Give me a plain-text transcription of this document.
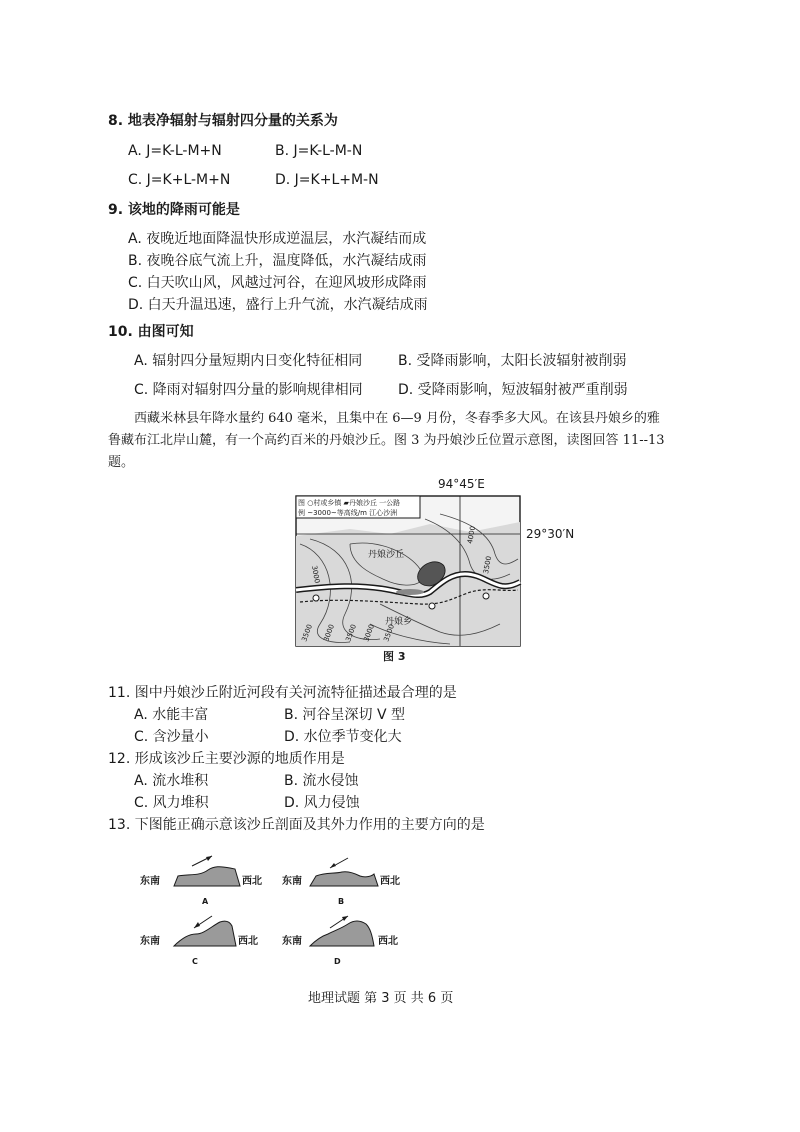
8. 地表净辐射与辐射四分量的关系为
A. J=K-L-M+N	B. J=K-L-M-N
C. J=K+L-M+N	D. J=K+L+M-N
9. 该地的降雨可能是
A. 夜晚近地面降温快形成逆温层，水汽凝结而成
B. 夜晚谷底气流上升，温度降低，水汽凝结成雨
C. 白天吹山风，风越过河谷，在迎风坡形成降雨
D. 白天升温迅速，盛行上升气流，水汽凝结成雨
10. 由图可知
A. 辐射四分量短期内日变化特征相同	B. 受降雨影响，太阳长波辐射被削弱
C. 降雨对辐射四分量的影响规律相同	D. 受降雨影响，短波辐射被严重削弱
西藏米林县年降水量约 640 毫米，且集中在 6—9 月份，冬春季多大风。在该县丹娘乡的雅
鲁藏布江北岸山麓，有一个高约百米的丹娘沙丘。图 3 为丹娘沙丘位置示意图，读图回答 11--13
题。
94°45′E
图 ○村或乡镇 ▰丹娘沙丘 一公路
例 ~3000~等高线/m 江心沙洲
丹娘沙丘
丹娘乡
4000
3500
3000
3500 3000 3500 3000 3500
29°30′N
图 3
11. 图中丹娘沙丘附近河段有关河流特征描述最合理的是
A. 水能丰富	B. 河谷呈深切 V 型
C. 含沙量小	D. 水位季节变化大
12. 形成该沙丘主要沙源的地质作用是
A. 流水堆积	B. 流水侵蚀
C. 风力堆积	D. 风力侵蚀
13. 下图能正确示意该沙丘剖面及其外力作用的主要方向的是
东南	西北
A
东南	西北
B
东南	西北
C
东南	西北
D
地理试题 第 3 页 共 6 页
